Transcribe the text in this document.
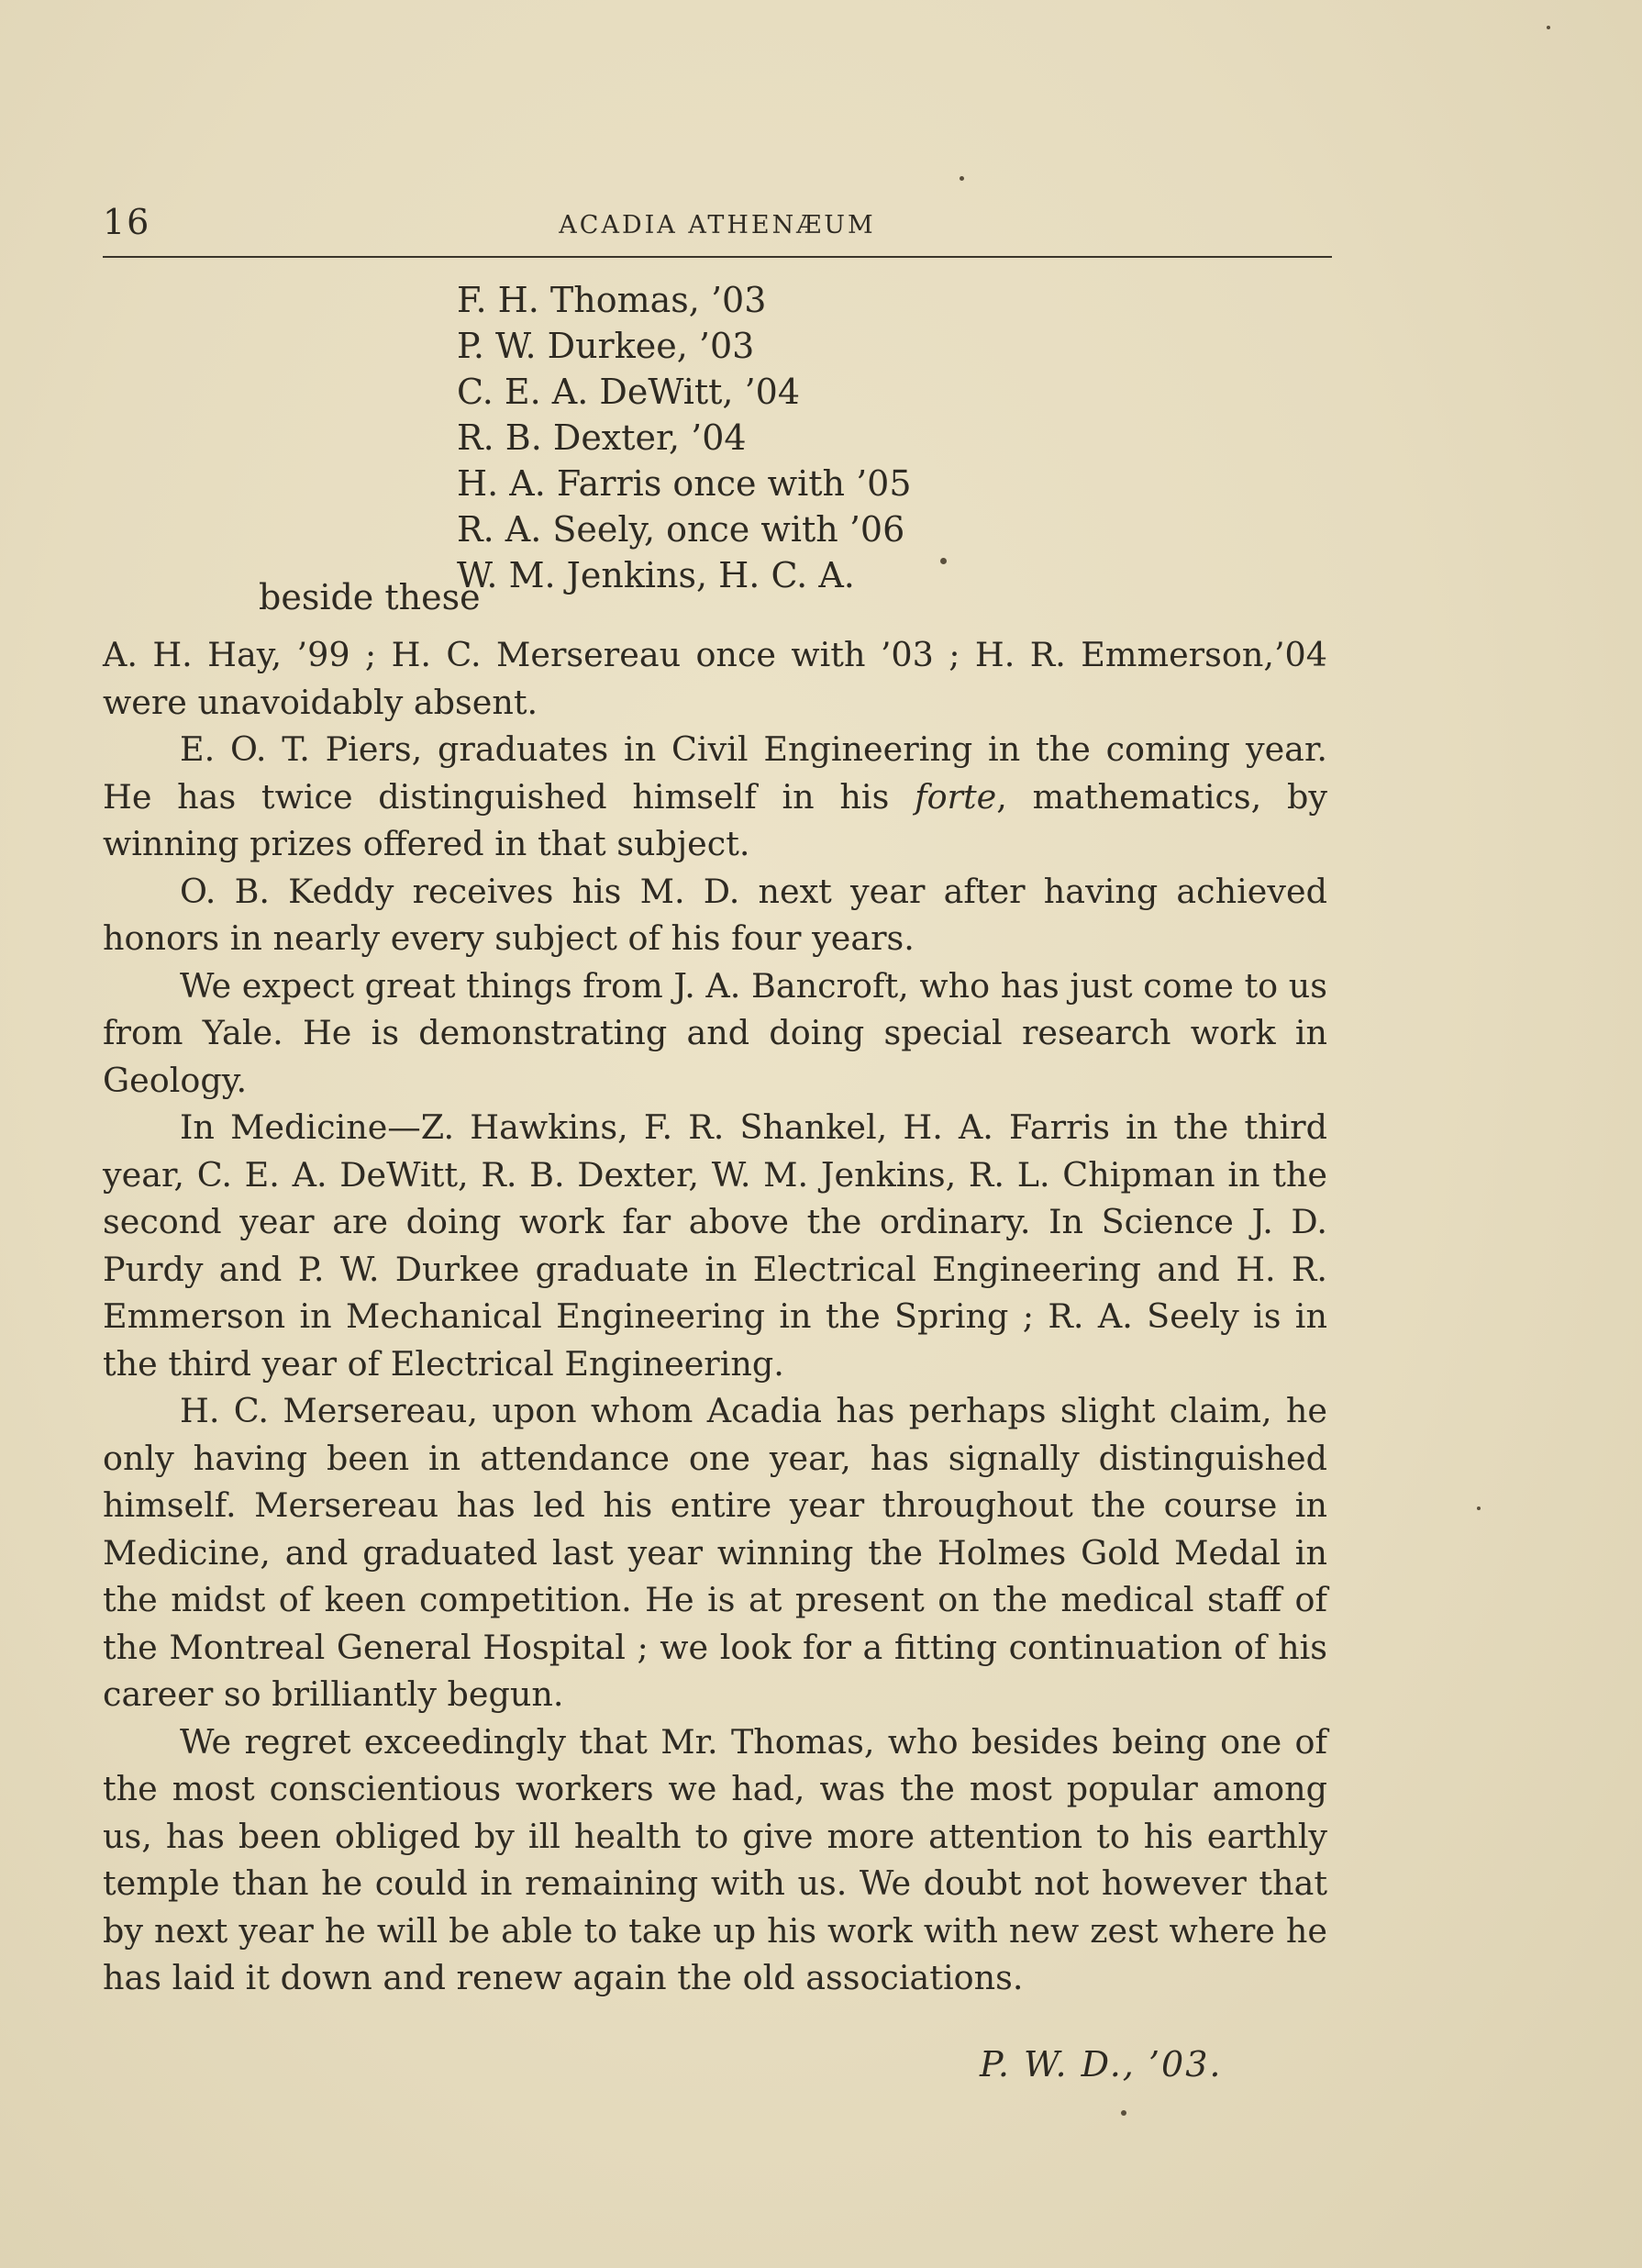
16	ACADIA ATHENÆUM
F. H. Thomas, ’03
P. W. Durkee, ’03
C. E. A. DeWitt, ’04
R. B. Dexter, ’04
H. A. Farris once with ’05
R. A. Seely, once with ’06
W. M. Jenkins, H. C. A.
beside these

A. H. Hay, ’99 ; H. C. Mersereau once with ’03 ; H. R. Emmerson,’04 were unavoidably absent.

E. O. T. Piers, graduates in Civil Engineering in the coming year. He has twice distinguished himself in his forte, mathematics, by winning prizes offered in that subject.

O. B. Keddy receives his M. D. next year after having achieved honors in nearly every subject of his four years.

We expect great things from J. A. Bancroft, who has just come to us from Yale. He is demonstrating and doing special research work in Geology.

In Medicine—Z. Hawkins, F. R. Shankel, H. A. Farris in the third year, C. E. A. DeWitt, R. B. Dexter, W. M. Jenkins, R. L. Chipman in the second year are doing work far above the ordinary. In Science J. D. Purdy and P. W. Durkee graduate in Electrical Engineering and H. R. Emmerson in Mechanical Engineering in the Spring ; R. A. Seely is in the third year of Electrical Engineering.

H. C. Mersereau, upon whom Acadia has perhaps slight claim, he only having been in attendance one year, has signally distinguished himself. Mersereau has led his entire year throughout the course in Medicine, and graduated last year winning the Holmes Gold Medal in the midst of keen competition. He is at present on the medical staff of the Montreal General Hospital ; we look for a fitting continuation of his career so brilliantly begun.

We regret exceedingly that Mr. Thomas, who besides being one of the most conscientious workers we had, was the most popular among us, has been obliged by ill health to give more attention to his earthly temple than he could in remaining with us. We doubt not however that by next year he will be able to take up his work with new zest where he has laid it down and renew again the old associations.

P. W. D., ’03.
